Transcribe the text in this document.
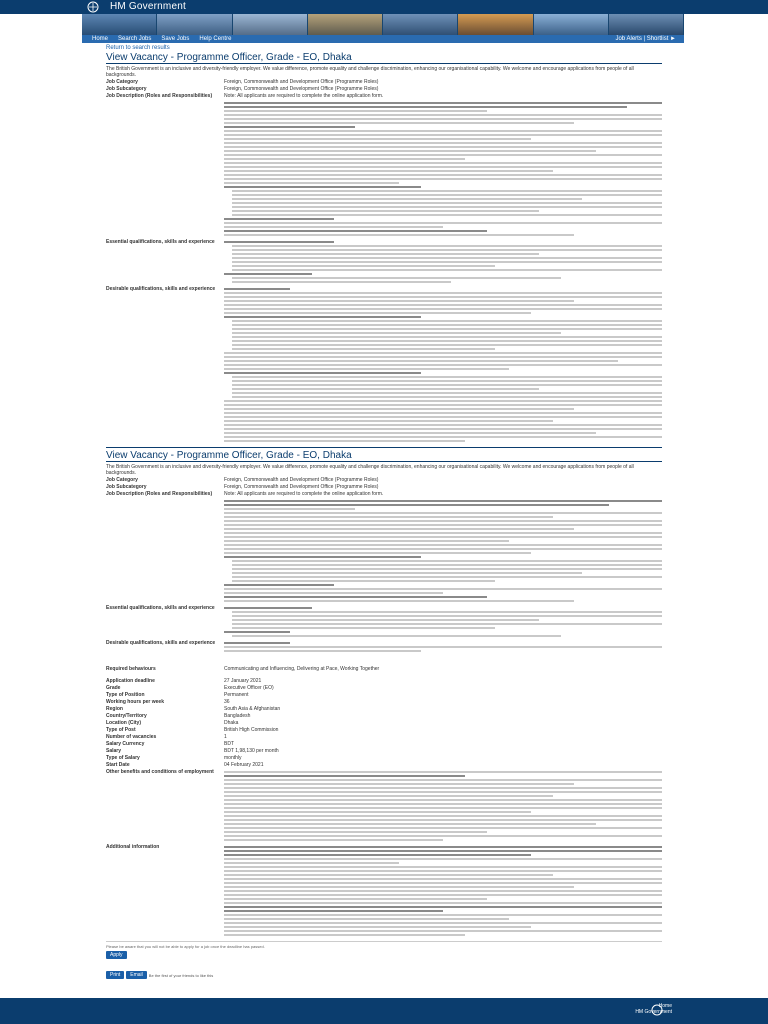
HM Government
Home Search Jobs Save Jobs Help Centre	Job Alerts | Shortlist ►
Return to search results
View Vacancy - Programme Officer, Grade - EO, Dhaka
The British Government is an inclusive and diversity-friendly employer. We value difference, promote equality and challenge discrimination, enhancing our organisational capability. We welcome and encourage applications from people of all backgrounds.
Job Category	Foreign, Commonwealth and Development Office (Programme Roles)
Job Subcategory	Foreign, Commonwealth and Development Office (Programme Roles)
Job Description (Roles and Responsibilities)	Note: All applicants are required to complete the online application form.
Essential qualifications, skills and experience
Desirable qualifications, skills and experience
View Vacancy - Programme Officer, Grade - EO, Dhaka
The British Government is an inclusive and diversity-friendly employer. We value difference, promote equality and challenge discrimination, enhancing our organisational capability. We welcome and encourage applications from people of all backgrounds.
Job Category	Foreign, Commonwealth and Development Office (Programme Roles)
Job Subcategory	Foreign, Commonwealth and Development Office (Programme Roles)
Job Description (Roles and Responsibilities)	Note: All applicants are required to complete the online application form.
Essential qualifications, skills and experience
Desirable qualifications, skills and experience
Required behaviours	Communicating and Influencing, Delivering at Pace, Working Together
Application deadline	27 January 2021
Grade	Executive Officer (EO)
Type of Position	Permanent
Working hours per week	36
Region	South Asia & Afghanistan
Country/Territory	Bangladesh
Location (City)	Dhaka
Type of Post	British High Commission
Number of vacancies	1
Salary Currency	BDT
Salary	BDT 1,98,130 per month
Type of Salary	monthly
Start Date	04 February 2021
Other benefits and conditions of employment
Additional information
Please be aware that you will not be able to apply for a job once the deadline has passed.
Apply
Print	Email	Be the first of your friends to like this
Home
HM Government
